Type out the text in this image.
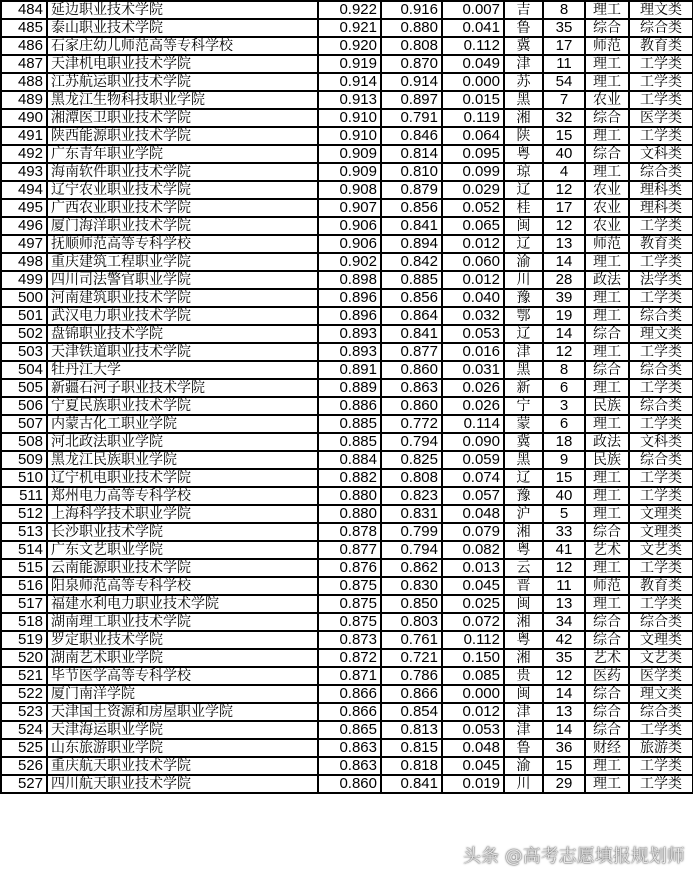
484	延边职业技术学院	0.922	0.916	0.007	吉	8	理工	理文类
485	泰山职业技术学院	0.921	0.880	0.041	鲁	35	综合	综合类
486	石家庄幼儿师范高等专科学校	0.920	0.808	0.112	冀	17	师范	教育类
487	天津机电职业技术学院	0.919	0.870	0.049	津	11	理工	工学类
488	江苏航运职业技术学院	0.914	0.914	0.000	苏	54	理工	工学类
489	黑龙江生物科技职业学院	0.913	0.897	0.015	黑	7	农业	工学类
490	湘潭医卫职业技术学院	0.910	0.791	0.119	湘	32	综合	医学类
491	陕西能源职业技术学院	0.910	0.846	0.064	陕	15	理工	工学类
492	广东青年职业学院	0.909	0.814	0.095	粤	40	综合	文科类
493	海南软件职业技术学院	0.909	0.810	0.099	琼	4	理工	综合类
494	辽宁农业职业技术学院	0.908	0.879	0.029	辽	12	农业	理科类
495	广西农业职业技术学院	0.907	0.856	0.052	桂	17	农业	理科类
496	厦门海洋职业技术学院	0.906	0.841	0.065	闽	12	农业	工学类
497	抚顺师范高等专科学校	0.906	0.894	0.012	辽	13	师范	教育类
498	重庆建筑工程职业学院	0.902	0.842	0.060	渝	14	理工	工学类
499	四川司法警官职业学院	0.898	0.885	0.012	川	28	政法	法学类
500	河南建筑职业技术学院	0.896	0.856	0.040	豫	39	理工	工学类
501	武汉电力职业技术学院	0.896	0.864	0.032	鄂	19	理工	综合类
502	盘锦职业技术学院	0.893	0.841	0.053	辽	14	综合	理文类
503	天津铁道职业技术学院	0.893	0.877	0.016	津	12	理工	工学类
504	牡丹江大学	0.891	0.860	0.031	黑	8	综合	综合类
505	新疆石河子职业技术学院	0.889	0.863	0.026	新	6	理工	工学类
506	宁夏民族职业技术学院	0.886	0.860	0.026	宁	3	民族	综合类
507	内蒙古化工职业学院	0.885	0.772	0.114	蒙	6	理工	工学类
508	河北政法职业学院	0.885	0.794	0.090	冀	18	政法	文科类
509	黑龙江民族职业学院	0.884	0.825	0.059	黑	9	民族	综合类
510	辽宁机电职业技术学院	0.882	0.808	0.074	辽	15	理工	工学类
511	郑州电力高等专科学校	0.880	0.823	0.057	豫	40	理工	工学类
512	上海科学技术职业学院	0.880	0.831	0.048	沪	5	理工	文理类
513	长沙职业技术学院	0.878	0.799	0.079	湘	33	综合	文理类
514	广东文艺职业学院	0.877	0.794	0.082	粤	41	艺术	文艺类
515	云南能源职业技术学院	0.876	0.862	0.013	云	12	理工	工学类
516	阳泉师范高等专科学校	0.875	0.830	0.045	晋	11	师范	教育类
517	福建水利电力职业技术学院	0.875	0.850	0.025	闽	13	理工	工学类
518	湖南理工职业技术学院	0.875	0.803	0.072	湘	34	综合	综合类
519	罗定职业技术学院	0.873	0.761	0.112	粤	42	综合	文理类
520	湖南艺术职业学院	0.872	0.721	0.150	湘	35	艺术	文艺类
521	毕节医学高等专科学校	0.871	0.786	0.085	贵	12	医药	医学类
522	厦门南洋学院	0.866	0.866	0.000	闽	14	综合	理文类
523	天津国土资源和房屋职业学院	0.866	0.854	0.012	津	13	综合	综合类
524	天津海运职业学院	0.865	0.813	0.053	津	14	综合	工学类
525	山东旅游职业学院	0.863	0.815	0.048	鲁	36	财经	旅游类
526	重庆航天职业技术学院	0.863	0.818	0.045	渝	15	理工	工学类
527	四川航天职业技术学院	0.860	0.841	0.019	川	29	理工	工学类
头条 @高考志愿填报规划师
